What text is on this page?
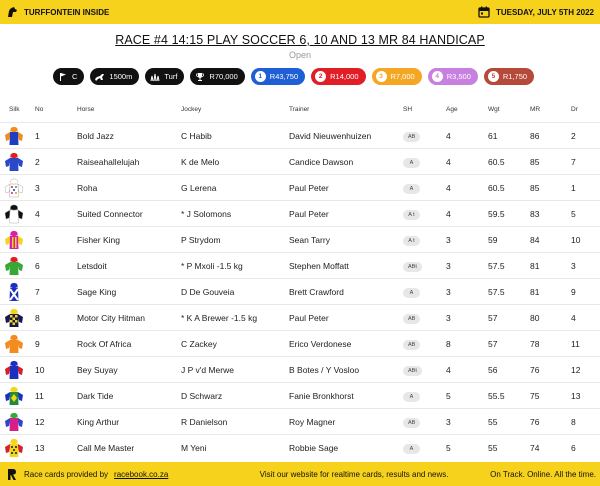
TURFFONTEIN INSIDE	TUESDAY, JULY 5TH 2022
RACE #4 14:15 PLAY SOCCER 6, 10 AND 13 MR 84 HANDICAP
Open
C	1500m	Turf	R70,000	1	R43,750	2	R14,000	3	R7,000	4	R3,500	5	R1,750
Silk	No	Horse	Jockey	Trainer	SH	Age	Wgt	MR	Dr
1	Bold Jazz	C Habib	David Nieuwenhuizen	AB	4	61	86	2
2	Raiseahallelujah	K de Melo	Candice Dawson	A	4	60.5	85	7
3	Roha	G Lerena	Paul Peter	A	4	60.5	85	1
4	Suited Connector	* J Solomons	Paul Peter	A t	4	59.5	83	5
5	Fisher King	P Strydom	Sean Tarry	A t	3	59	84	10
6	Letsdoit	* P Mxoli -1.5 kg	Stephen Moffatt	ABt	3	57.5	81	3
7	Sage King	D De Gouveia	Brett Crawford	A	3	57.5	81	9
8	Motor City Hitman	* K A Brewer -1.5 kg	Paul Peter	AB	3	57	80	4
9	Rock Of Africa	C Zackey	Erico Verdonese	AB	8	57	78	11
10	Bey Suyay	J P v'd Merwe	B Botes / Y Vosloo	ABt	4	56	76	12
11	Dark Tide	D Schwarz	Fanie Bronkhorst	A	5	55.5	75	13
12	King Arthur	R Danielson	Roy Magner	AB	3	55	76	8
13	Call Me Master	M Yeni	Robbie Sage	A	5	55	74	6
Race cards provided by racebook.co.za	Visit our website for realtime cards, results and news.	On Track. Online. All the time.
